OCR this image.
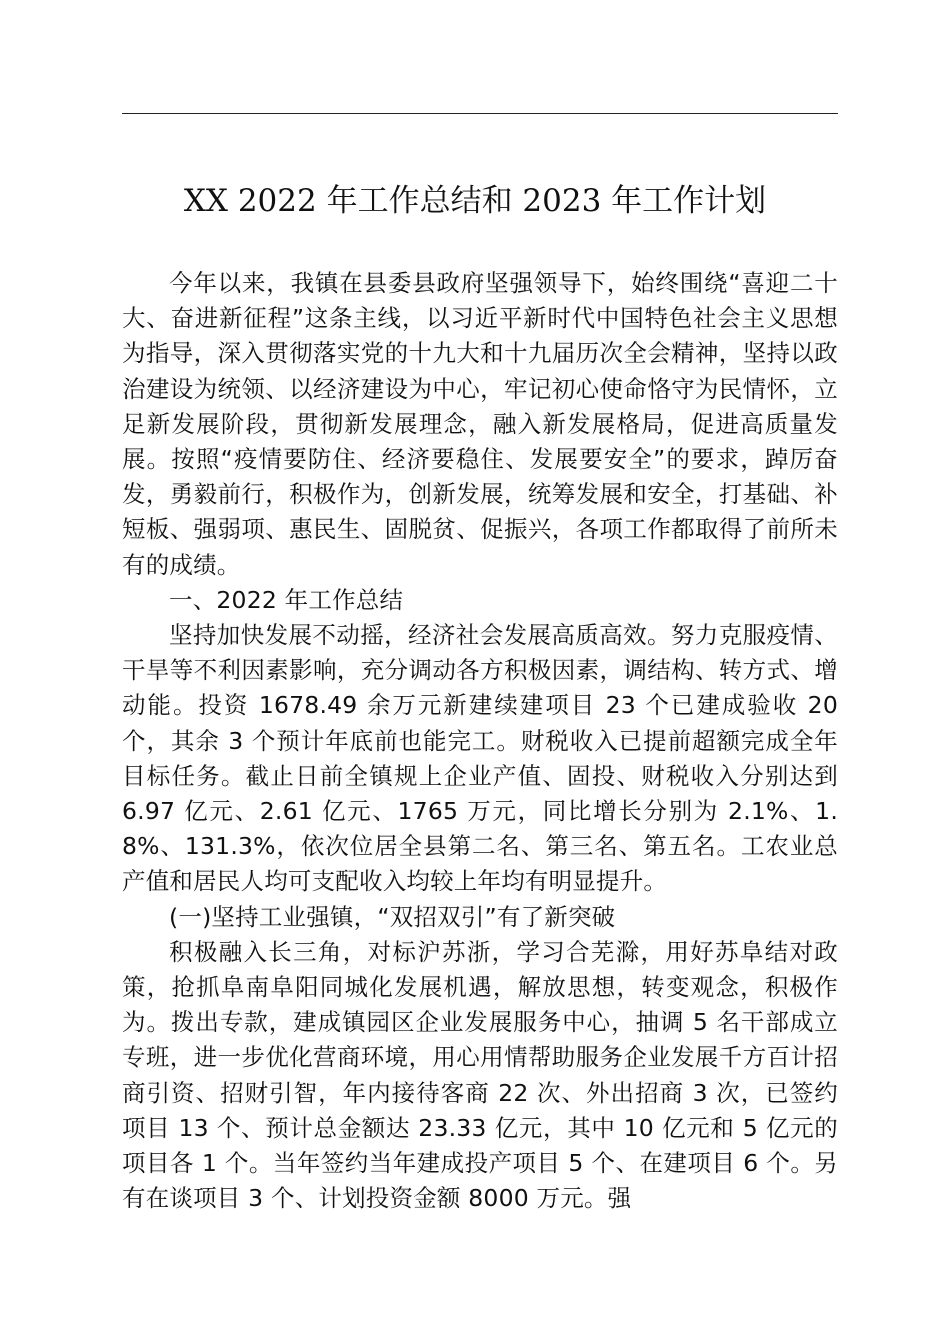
XX 2022 年工作总结和 2023 年工作计划

今年以来，我镇在县委县政府坚强领导下，始终围绕“喜迎二十大、奋进新征程”这条主线，以习近平新时代中国特色社会主义思想为指导，深入贯彻落实党的十九大和十九届历次全会精神，坚持以政治建设为统领、以经济建设为中心，牢记初心使命恪守为民情怀，立足新发展阶段，贯彻新发展理念，融入新发展格局，促进高质量发展。按照“疫情要防住、经济要稳住、发展要安全”的要求，踔厉奋发，勇毅前行，积极作为，创新发展，统筹发展和安全，打基础、补短板、强弱项、惠民生、固脱贫、促振兴，各项工作都取得了前所未有的成绩。

一、2022 年工作总结

坚持加快发展不动摇，经济社会发展高质高效。努力克服疫情、干旱等不利因素影响，充分调动各方积极因素，调结构、转方式、增动能。投资 1678.49 余万元新建续建项目 23 个已建成验收 20 个，其余 3 个预计年底前也能完工。财税收入已提前超额完成全年目标任务。截止日前全镇规上企业产值、固投、财税收入分别达到 6.97 亿元、2.61 亿元、1765 万元，同比增长分别为 2.1%、1.8%、131.3%，依次位居全县第二名、第三名、第五名。工农业总产值和居民人均可支配收入均较上年均有明显提升。

(一)坚持工业强镇，“双招双引”有了新突破

积极融入长三角，对标沪苏浙，学习合芜滁，用好苏阜结对政策，抢抓阜南阜阳同城化发展机遇，解放思想，转变观念，积极作为。拨出专款，建成镇园区企业发展服务中心，抽调 5 名干部成立专班，进一步优化营商环境，用心用情帮助服务企业发展千方百计招商引资、招财引智，年内接待客商 22 次、外出招商 3 次，已签约项目 13 个、预计总金额达 23.33 亿元，其中 10 亿元和 5 亿元的项目各 1 个。当年签约当年建成投产项目 5 个、在建项目 6 个。另有在谈项目 3 个、计划投资金额 8000 万元。强
